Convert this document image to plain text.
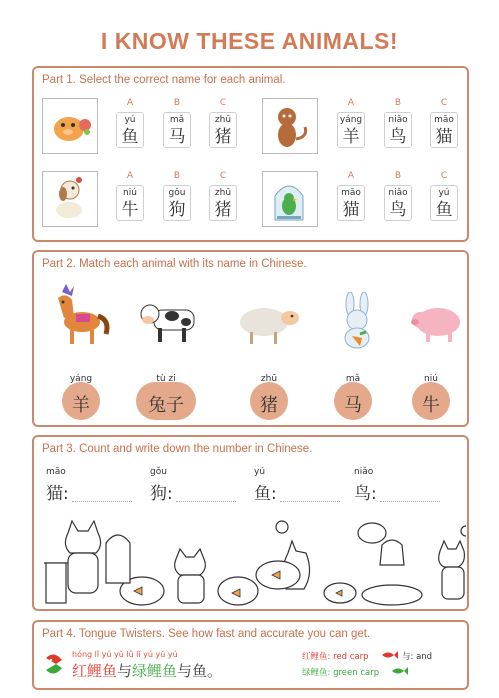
I KNOW THESE ANIMALS!
Part 1. Select the correct name for each animal.
A
yú
鱼
B
mǎ
马
C
zhū
猪
A
yáng
羊
B
niǎo
鸟
C
māo
猫
A
niú
牛
B
gǒu
狗
C
zhū
猪
A
māo
猫
B
niǎo
鸟
C
yú
鱼
Part 2. Match each animal with its name in Chinese.
yáng
羊
tù zi
兔子
zhū
猪
mǎ
马
niú
牛
Part 3. Count and write down the number in Chinese.
māo
猫:
gǒu
狗:
yú
鱼:
niǎo
鸟:
Part 4. Tongue Twisters. See how fast and accurate you can get.
hóng lǐ yú yǔ lǜ lǐ yú yǔ yú
红鲤鱼与绿鲤鱼与鱼。
红鲤鱼: red carp	与: and
绿鲤鱼: green carp
